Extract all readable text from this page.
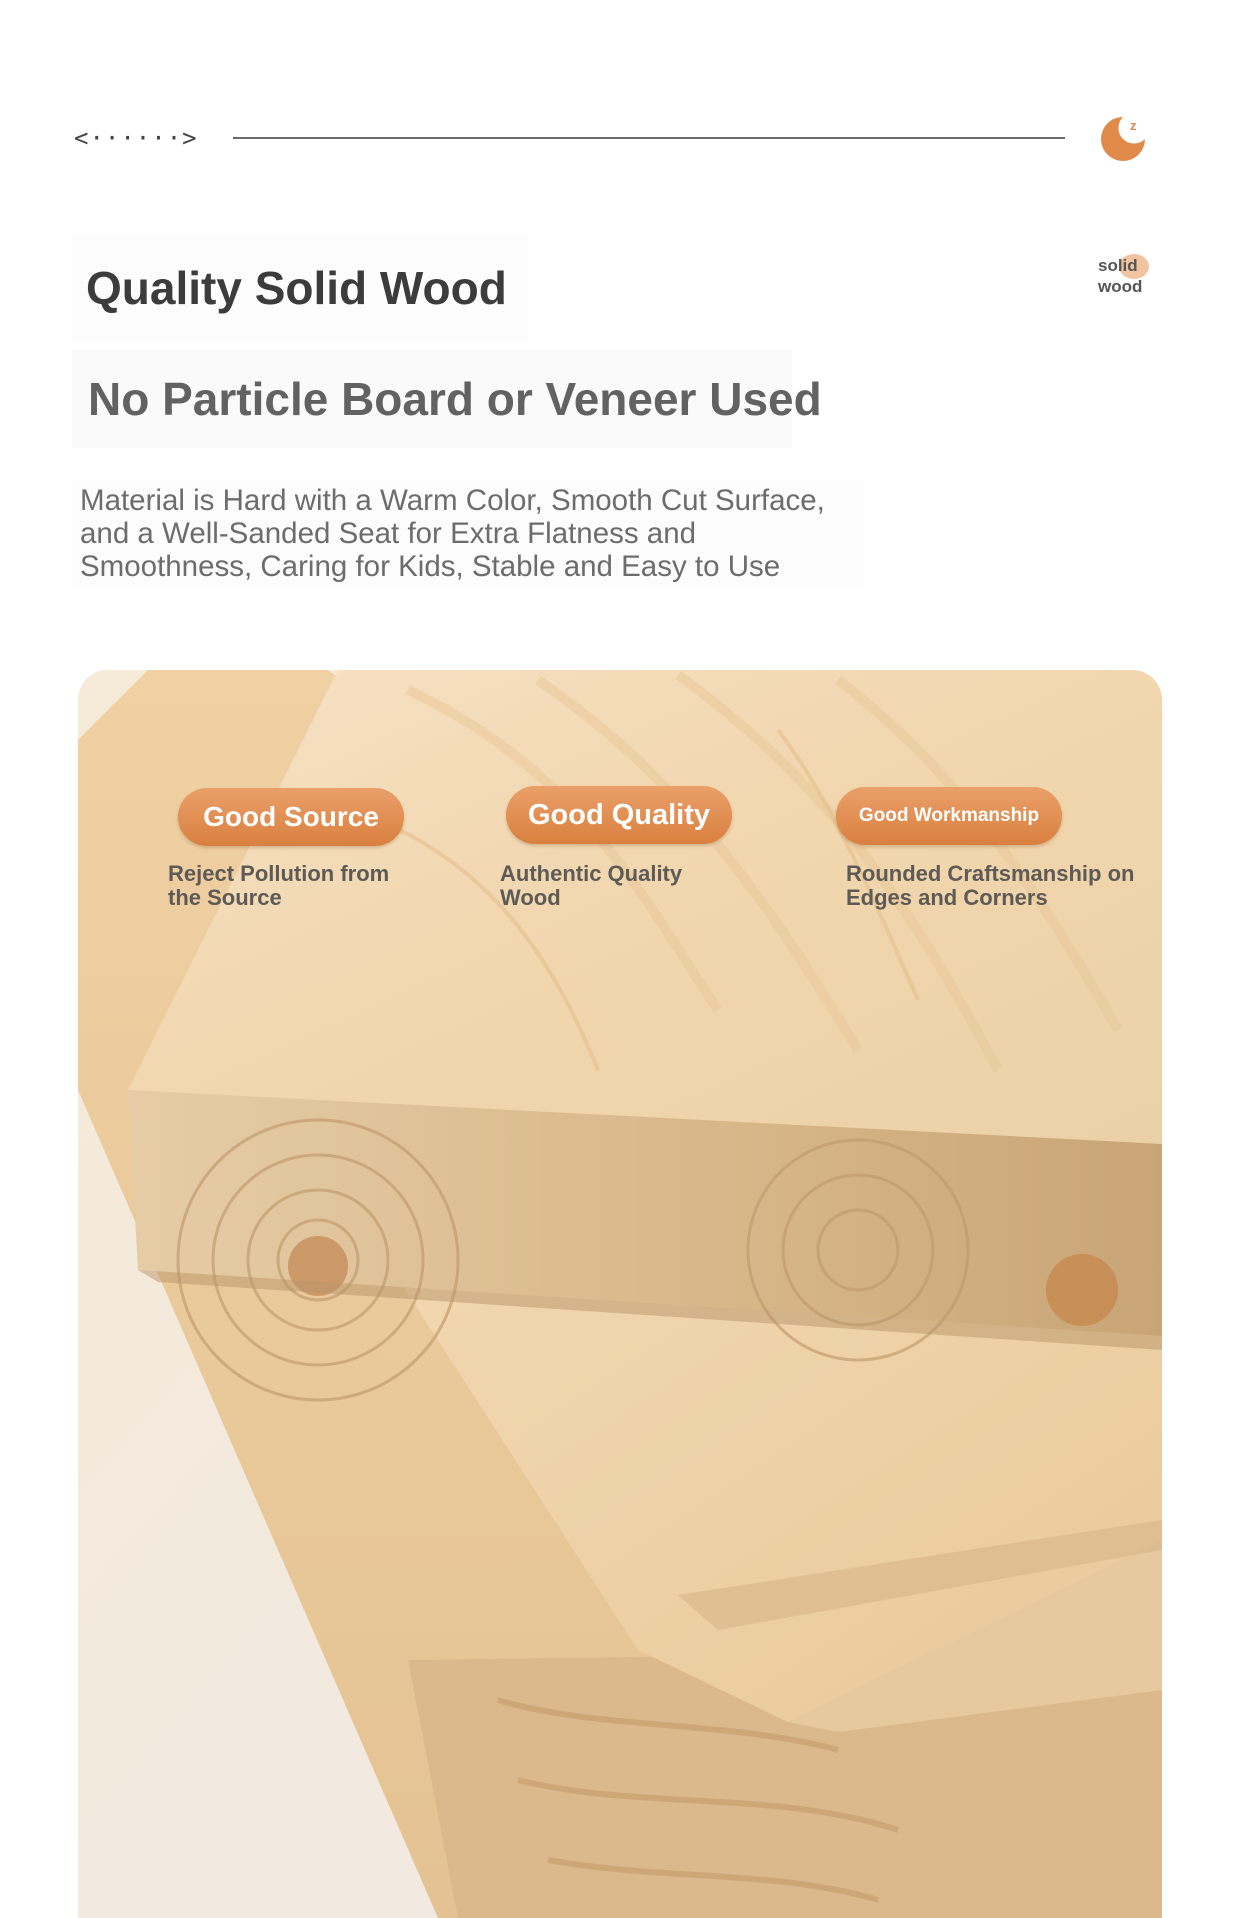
<······>	z
solid
wood
Quality Solid Wood
No Particle Board or Veneer Used
Material is Hard with a Warm Color, Smooth Cut Surface, and a Well-Sanded Seat for Extra Flatness and Smoothness, Caring for Kids, Stable and Easy to Use
Good Source	Good Quality	Good Workmanship
Reject Pollution from the Source
Authentic Quality Wood
Rounded Craftsmanship on Edges and Corners
